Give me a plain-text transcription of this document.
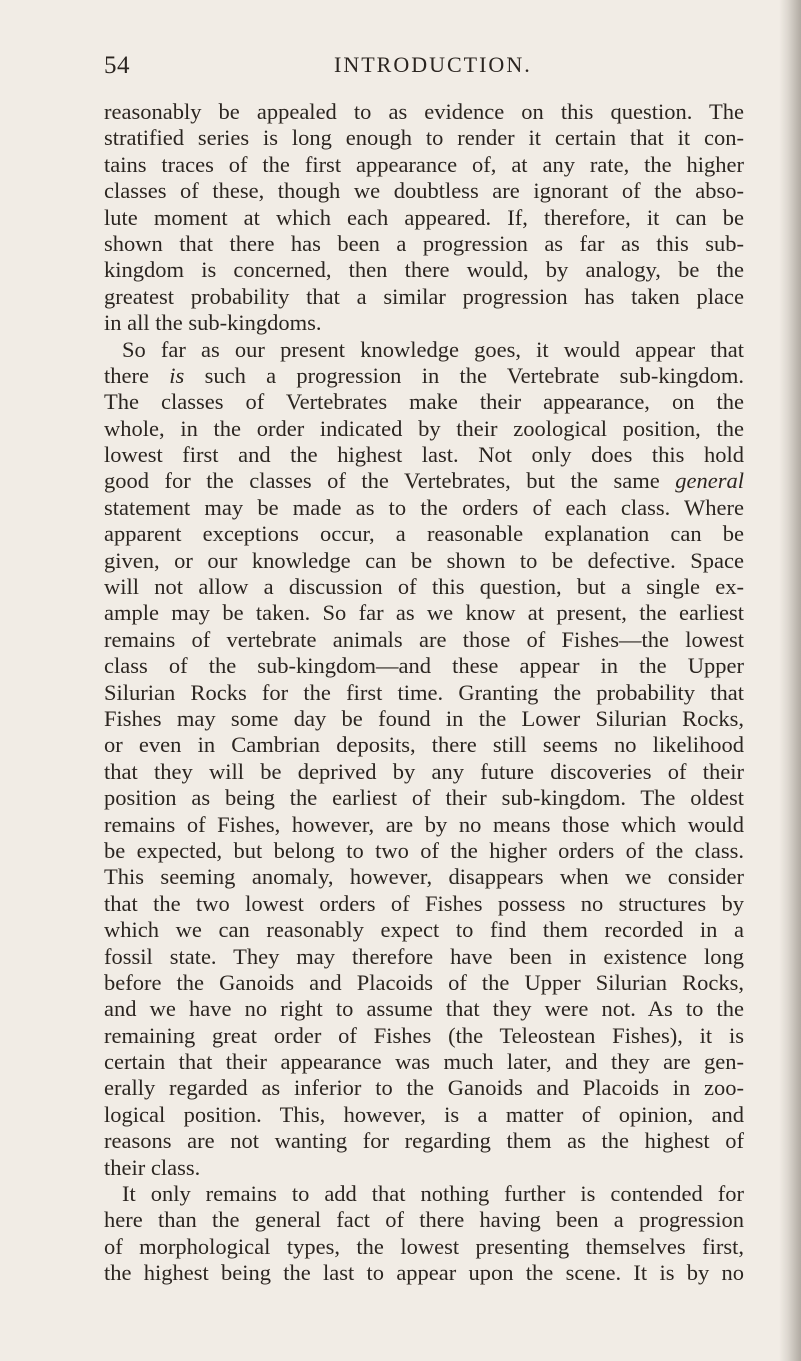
54	INTRODUCTION.
reasonably be appealed to as evidence on this question. The
stratified series is long enough to render it certain that it con-
tains traces of the first appearance of, at any rate, the higher
classes of these, though we doubtless are ignorant of the abso-
lute moment at which each appeared. If, therefore, it can be
shown that there has been a progression as far as this sub-
kingdom is concerned, then there would, by analogy, be the
greatest probability that a similar progression has taken place
in all the sub-kingdoms.
So far as our present knowledge goes, it would appear that
there is such a progression in the Vertebrate sub-kingdom.
The classes of Vertebrates make their appearance, on the
whole, in the order indicated by their zoological position, the
lowest first and the highest last. Not only does this hold
good for the classes of the Vertebrates, but the same general
statement may be made as to the orders of each class. Where
apparent exceptions occur, a reasonable explanation can be
given, or our knowledge can be shown to be defective. Space
will not allow a discussion of this question, but a single ex-
ample may be taken. So far as we know at present, the earliest
remains of vertebrate animals are those of Fishes—the lowest
class of the sub-kingdom—and these appear in the Upper
Silurian Rocks for the first time. Granting the probability that
Fishes may some day be found in the Lower Silurian Rocks,
or even in Cambrian deposits, there still seems no likelihood
that they will be deprived by any future discoveries of their
position as being the earliest of their sub-kingdom. The oldest
remains of Fishes, however, are by no means those which would
be expected, but belong to two of the higher orders of the class.
This seeming anomaly, however, disappears when we consider
that the two lowest orders of Fishes possess no structures by
which we can reasonably expect to find them recorded in a
fossil state. They may therefore have been in existence long
before the Ganoids and Placoids of the Upper Silurian Rocks,
and we have no right to assume that they were not. As to the
remaining great order of Fishes (the Teleostean Fishes), it is
certain that their appearance was much later, and they are gen-
erally regarded as inferior to the Ganoids and Placoids in zoo-
logical position. This, however, is a matter of opinion, and
reasons are not wanting for regarding them as the highest of
their class.
It only remains to add that nothing further is contended for
here than the general fact of there having been a progression
of morphological types, the lowest presenting themselves first,
the highest being the last to appear upon the scene. It is by no
